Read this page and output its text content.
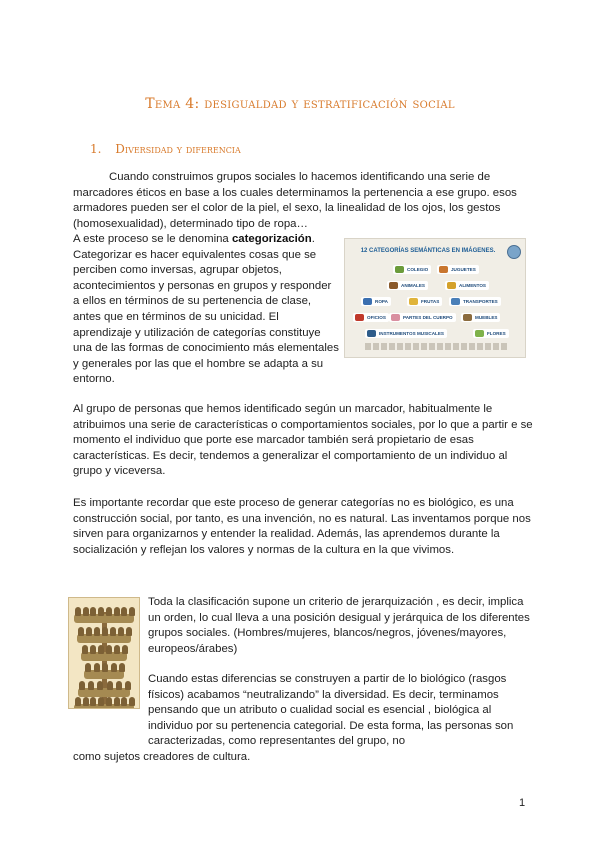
Tema 4: desigualdad y estratificación social
1. Diversidad y diferencia

Cuando construimos grupos sociales lo hacemos identificando una serie de marcadores éticos en base a los cuales determinamos la pertenencia a ese grupo. esos armadores pueden ser el color de la piel, el sexo, la linealidad de los ojos, los gestos (homosexualidad), determinado tipo de ropa…

A este proceso se le denomina categorización. Categorizar es hacer equivalentes cosas que se perciben como inversas, agrupar objetos, acontecimientos y personas en grupos y responder a ellos en términos de su pertenencia de clase, antes que en términos de su unicidad. El aprendizaje y utilización de categorías constituye una de las formas de conocimiento más elementales y generales por las que el hombre se adapta a su entorno.

12 CATEGORÍAS SEMÁNTICAS EN IMÁGENES.
COLEGIO	JUGUETES
ANIMALES	ALIMENTOS
ROPA	FRUTAS	TRANSPORTES
OFICIOS	PARTES DEL CUERPO	MUEBLES
INSTRUMENTOS MUSICALES	FLORES

Al grupo de personas que hemos identificado según un marcador, habitualmente le atribuimos una serie de características o comportamientos sociales, por lo que a partir e se momento el individuo que porte ese marcador también será propietario de esas características. Es decir, tendemos a generalizar el comportamiento de un individuo al grupo y viceversa.

Es importante recordar que este proceso de generar categorías no es biológico, es una construcción social, por tanto, es una invención, no es natural. Las inventamos porque nos sirven para organizarnos y entender la realidad. Además, las aprendemos durante la socialización y reflejan los valores y normas de la cultura en la que vivimos.

Toda la clasificación supone un criterio de jerarquización , es decir, implica un orden, lo cual lleva a una posición desigual y jerárquica de los diferentes grupos sociales. (Hombres/mujeres, blancos/negros, jóvenes/mayores, europeos/árabes)

Cuando estas diferencias se construyen a partir de lo biológico (rasgos físicos) acabamos “neutralizando” la diversidad. Es decir, terminamos pensando que un atributo o cualidad social es esencial , biológica al individuo por su pertenencia categorial. De esta forma, las personas son caracterizadas, como representantes del grupo, no

como sujetos creadores de cultura.

1
